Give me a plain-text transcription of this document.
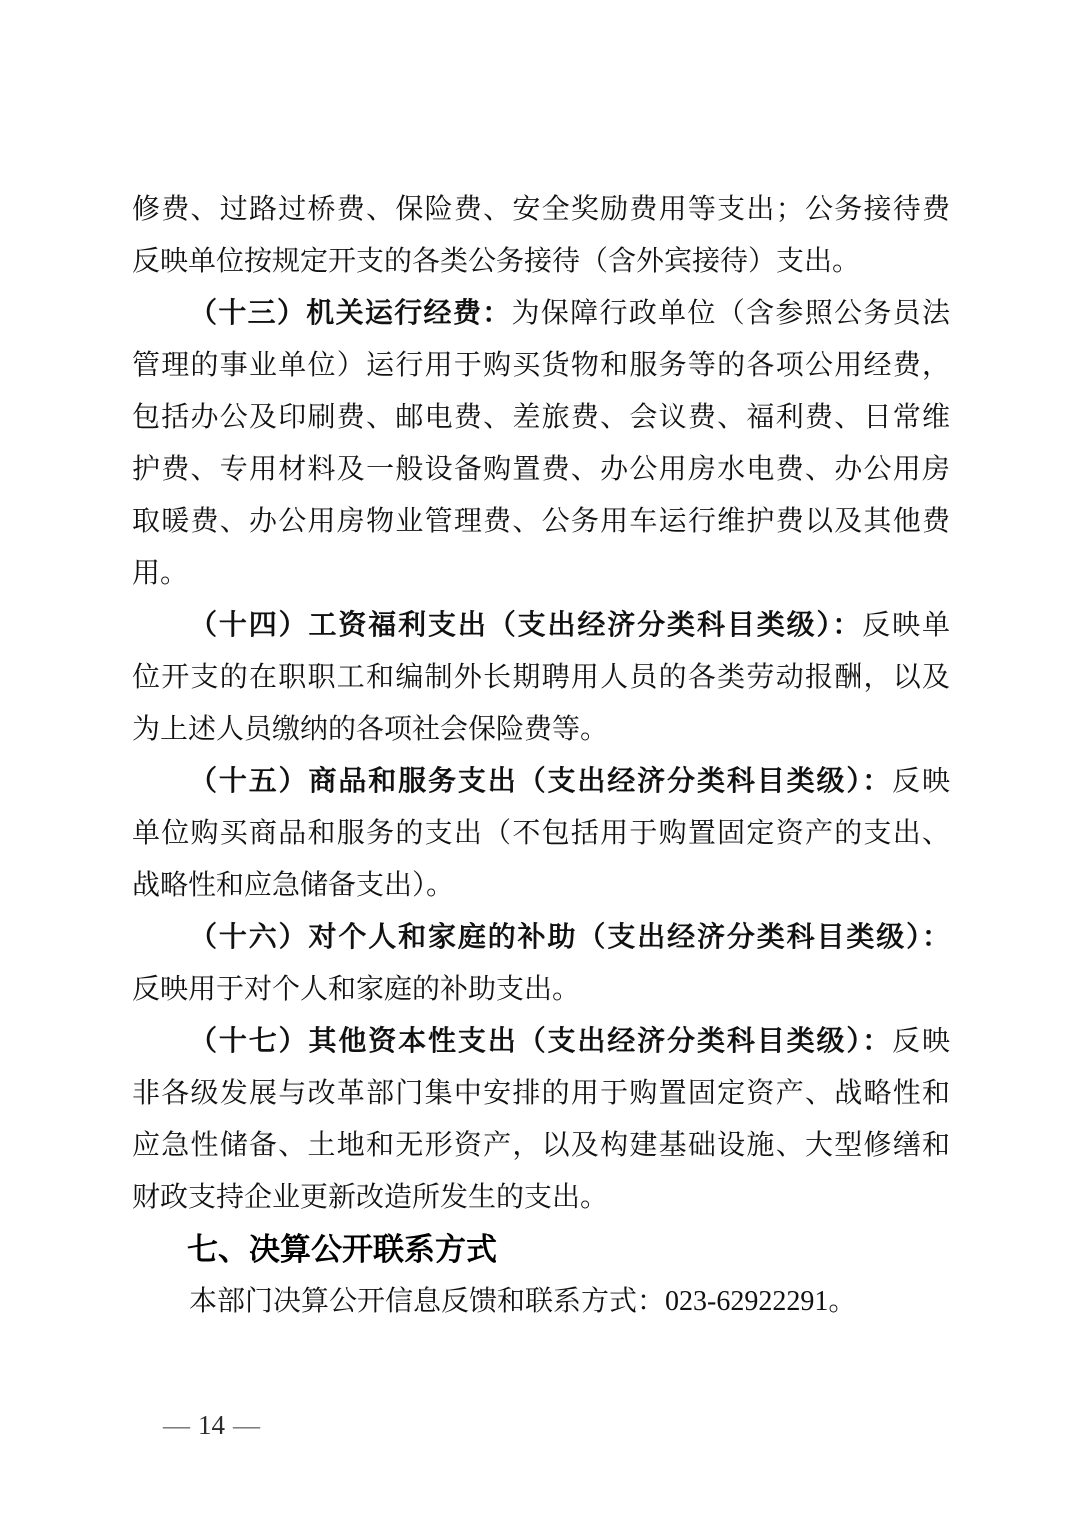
修费、过路过桥费、保险费、安全奖励费用等支出；公务接待费
反映单位按规定开支的各类公务接待（含外宾接待）支出。
（十三）机关运行经费：为保障行政单位（含参照公务员法
管理的事业单位）运行用于购买货物和服务等的各项公用经费，
包括办公及印刷费、邮电费、差旅费、会议费、福利费、日常维
护费、专用材料及一般设备购置费、办公用房水电费、办公用房
取暖费、办公用房物业管理费、公务用车运行维护费以及其他费
用。
（十四）工资福利支出（支出经济分类科目类级）：反映单
位开支的在职职工和编制外长期聘用人员的各类劳动报酬，以及
为上述人员缴纳的各项社会保险费等。
（十五）商品和服务支出（支出经济分类科目类级）：反映
单位购买商品和服务的支出（不包括用于购置固定资产的支出、
战略性和应急储备支出）。
（十六）对个人和家庭的补助（支出经济分类科目类级）：
反映用于对个人和家庭的补助支出。
（十七）其他资本性支出（支出经济分类科目类级）：反映
非各级发展与改革部门集中安排的用于购置固定资产、战略性和
应急性储备、土地和无形资产，以及构建基础设施、大型修缮和
财政支持企业更新改造所发生的支出。
七、决算公开联系方式
本部门决算公开信息反馈和联系方式：023-62922291。
— 14 —
